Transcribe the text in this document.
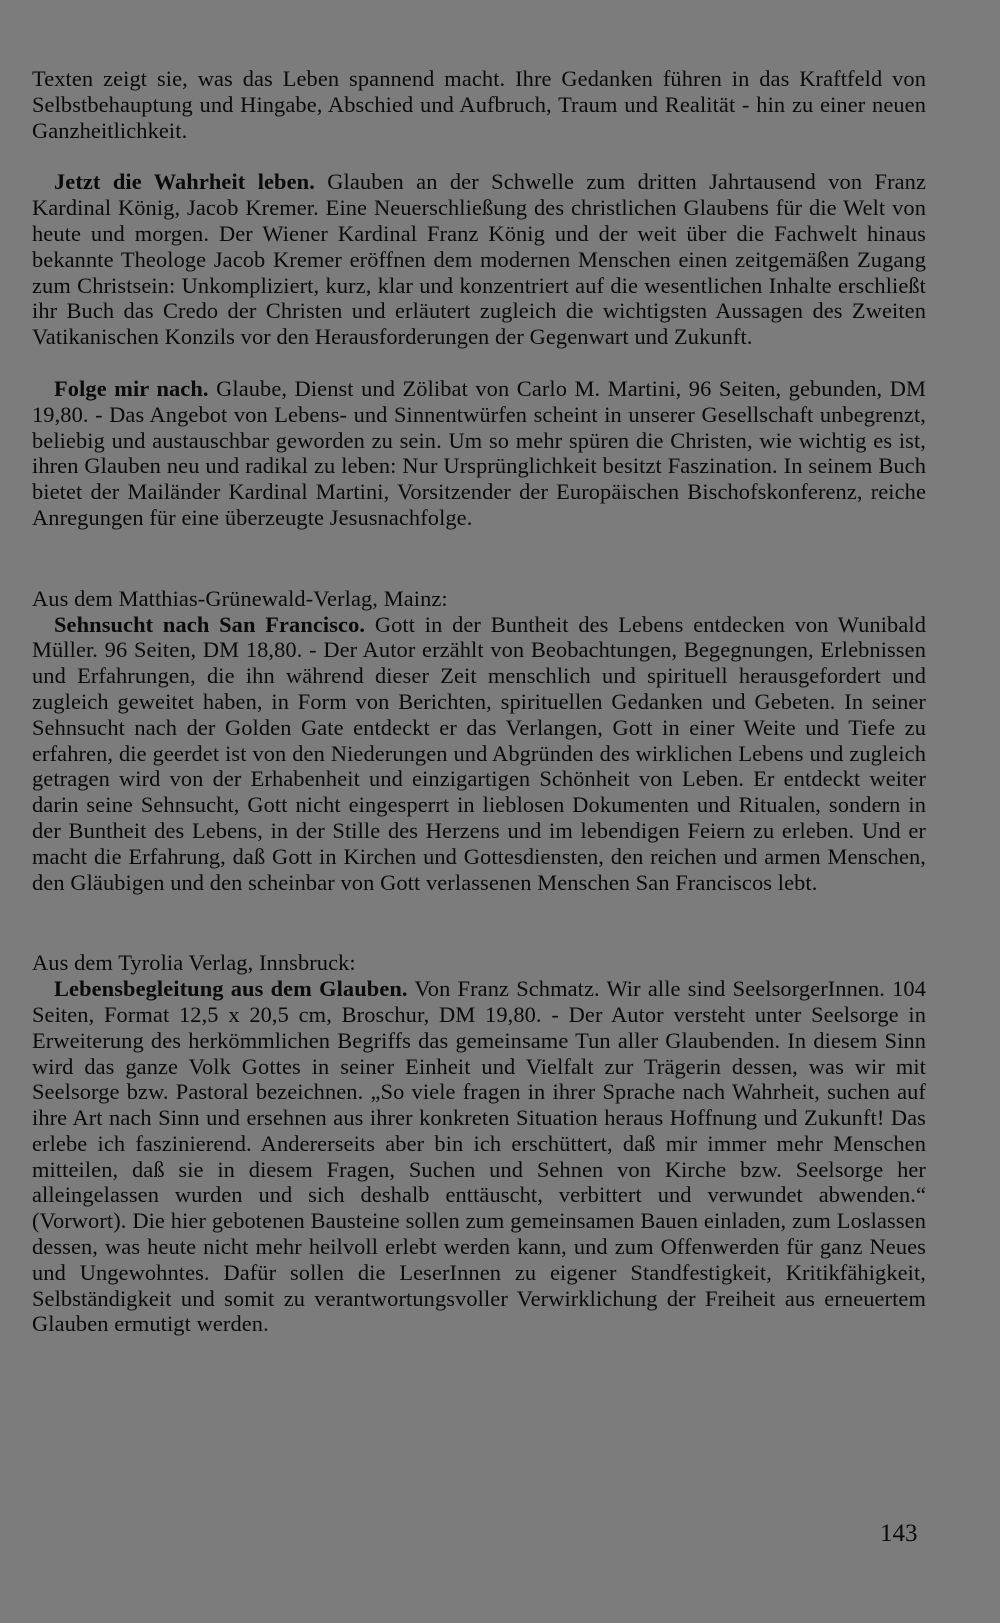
Texten zeigt sie, was das Leben spannend macht. Ihre Gedanken führen in das Kraftfeld von Selbstbehauptung und Hingabe, Abschied und Aufbruch, Traum und Realität - hin zu einer neuen Ganzheitlichkeit.

Jetzt die Wahrheit leben. Glauben an der Schwelle zum dritten Jahrtausend von Franz Kardinal König, Jacob Kremer. Eine Neuerschließung des christlichen Glaubens für die Welt von heute und morgen. Der Wiener Kardinal Franz König und der weit über die Fachwelt hinaus bekannte Theologe Jacob Kremer eröffnen dem modernen Menschen einen zeitgemäßen Zugang zum Christsein: Unkompliziert, kurz, klar und konzentriert auf die wesentlichen Inhalte erschließt ihr Buch das Credo der Christen und erläutert zugleich die wichtigsten Aussagen des Zweiten Vatikanischen Konzils vor den Herausforderungen der Gegenwart und Zukunft.

Folge mir nach. Glaube, Dienst und Zölibat von Carlo M. Martini, 96 Seiten, gebunden, DM 19,80. - Das Angebot von Lebens- und Sinnentwürfen scheint in unserer Gesellschaft unbegrenzt, beliebig und austauschbar geworden zu sein. Um so mehr spüren die Christen, wie wichtig es ist, ihren Glauben neu und radikal zu leben: Nur Ursprünglichkeit besitzt Faszination. In seinem Buch bietet der Mailänder Kardinal Martini, Vorsitzender der Europäischen Bischofskonferenz, reiche Anregungen für eine überzeugte Jesusnachfolge.

Aus dem Matthias-Grünewald-Verlag, Mainz:

Sehnsucht nach San Francisco. Gott in der Buntheit des Lebens entdecken von Wunibald Müller. 96 Seiten, DM 18,80. - Der Autor erzählt von Beobachtungen, Begegnungen, Erlebnissen und Erfahrungen, die ihn während dieser Zeit menschlich und spirituell herausgefordert und zugleich geweitet haben, in Form von Berichten, spirituellen Gedanken und Gebeten. In seiner Sehnsucht nach der Golden Gate entdeckt er das Verlangen, Gott in einer Weite und Tiefe zu erfahren, die geerdet ist von den Niederungen und Abgründen des wirklichen Lebens und zugleich getragen wird von der Erhabenheit und einzigartigen Schönheit von Leben. Er entdeckt weiter darin seine Sehnsucht, Gott nicht eingesperrt in lieblosen Dokumenten und Ritualen, sondern in der Buntheit des Lebens, in der Stille des Herzens und im lebendigen Feiern zu erleben. Und er macht die Erfahrung, daß Gott in Kirchen und Gottesdiensten, den reichen und armen Menschen, den Gläubigen und den scheinbar von Gott verlassenen Menschen San Franciscos lebt.

Aus dem Tyrolia Verlag, Innsbruck:

Lebensbegleitung aus dem Glauben. Von Franz Schmatz. Wir alle sind SeelsorgerInnen. 104 Seiten, Format 12,5 x 20,5 cm, Broschur, DM 19,80. - Der Autor versteht unter Seelsorge in Erweiterung des herkömmlichen Begriffs das gemeinsame Tun aller Glaubenden. In diesem Sinn wird das ganze Volk Gottes in seiner Einheit und Vielfalt zur Trägerin dessen, was wir mit Seelsorge bzw. Pastoral bezeichnen. „So viele fragen in ihrer Sprache nach Wahrheit, suchen auf ihre Art nach Sinn und ersehnen aus ihrer konkreten Situation heraus Hoffnung und Zukunft! Das erlebe ich faszinierend. Andererseits aber bin ich erschüttert, daß mir immer mehr Menschen mitteilen, daß sie in diesem Fragen, Suchen und Sehnen von Kirche bzw. Seelsorge her alleingelassen wurden und sich deshalb enttäuscht, verbittert und verwundet abwenden.“ (Vorwort). Die hier gebotenen Bausteine sollen zum gemeinsamen Bauen einladen, zum Loslassen dessen, was heute nicht mehr heilvoll erlebt werden kann, und zum Offenwerden für ganz Neues und Ungewohntes. Dafür sollen die LeserInnen zu eigener Standfestigkeit, Kritikfähigkeit, Selbständigkeit und somit zu verantwortungsvoller Verwirklichung der Freiheit aus erneuertem Glauben ermutigt werden.

143
